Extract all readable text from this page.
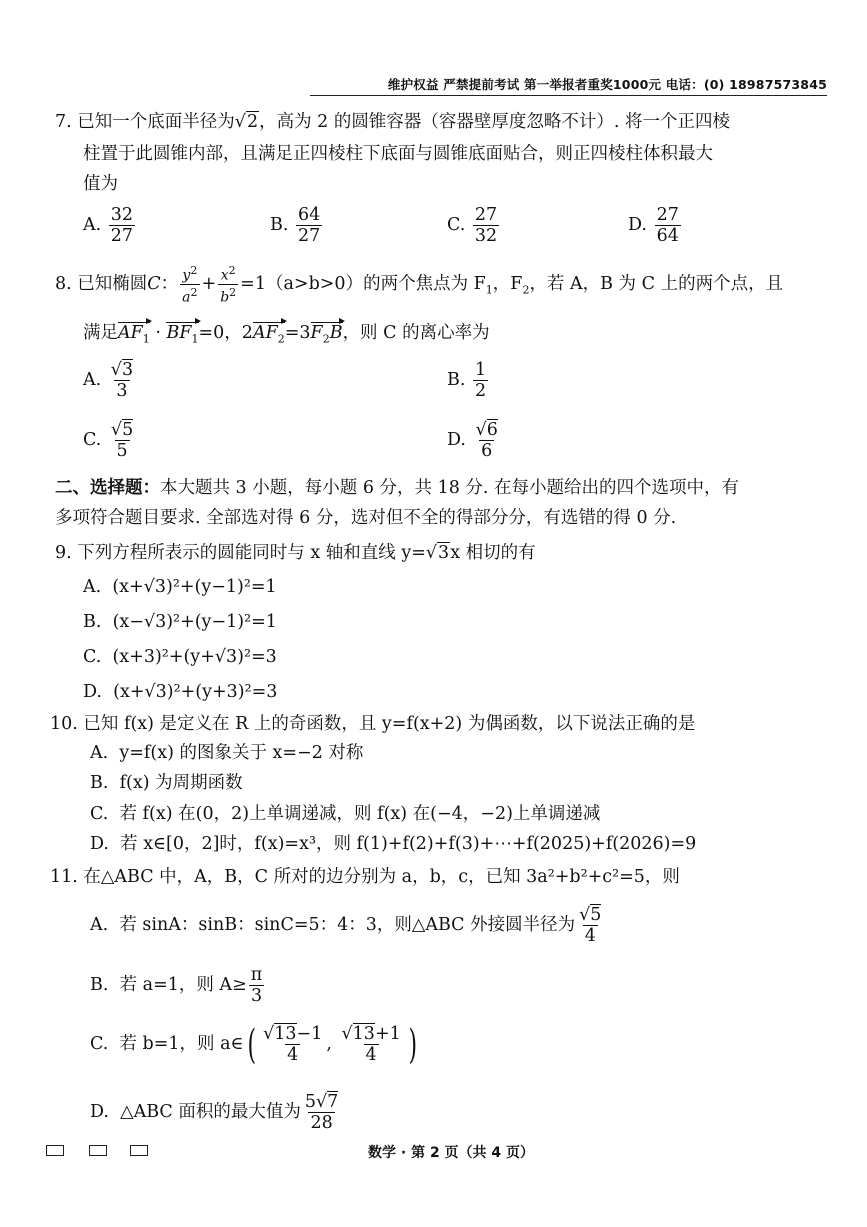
维护权益 严禁提前考试 第一举报者重奖1000元 电话：(0) 18987573845
7. 已知一个底面半径为√2，高为 2 的圆锥容器（容器壁厚度忽略不计）. 将一个正四棱
柱置于此圆锥内部，且满足正四棱柱下底面与圆锥底面贴合，则正四棱柱体积最大
值为
A. $\frac{32}{27}$	B. $\frac{64}{27}$	C. $\frac{27}{32}$	D. $\frac{27}{64}$
8. 已知椭圆C： $\frac{y^2}{a^2} + \frac{x^2}{b^2} =1(a>b>0)$的两个焦点为 $F_1$，$F_2$，若 A，B 为 C 上的两个点，且
满足$AF_1 \cdot BF_1=0$，$2AF_2=3F_2B$，则 C 的离心率为
A. $\frac{√3}{3}$	B. $\frac{1}{2}$
C. $\frac{√5}{5}$	D. $\frac{√6}{6}$
二、选择题：本大题共 3 小题，每小题 6 分，共 18 分. 在每小题给出的四个选项中，有
多项符合题目要求. 全部选对得 6 分，选对但不全的得部分分，有选错的得 0 分.
9. 下列方程所表示的圆能同时与 x 轴和直线 y=√3x 相切的有
A. (x+√3)²+(y−1)²=1
B. (x−√3)²+(y−1)²=1
C. (x+3)²+(y+√3)²=3
D. (x+√3)²+(y+3)²=3
10. 已知 f(x) 是定义在 R 上的奇函数，且 y=f(x+2) 为偶函数，以下说法正确的是
A. y=f(x) 的图象关于 x=−2 对称
B. f(x) 为周期函数
C. 若 f(x) 在(0，2)上单调递减，则 f(x) 在(−4，−2)上单调递减
D. 若 x∈[0，2]时，f(x)=x³，则 f(1)+f(2)+f(3)+⋯+f(2025)+f(2026)=9
11. 在△ABC 中，A，B，C 所对的边分别为 a，b，c，已知 3a²+b²+c²=5，则
A. 若 sinA：sinB：sinC=5：4：3，则△ABC 外接圆半径为 $\frac{√5}{4}$
B. 若 a=1，则 $A\ge \frac{\pi}{3}$
C. 若 b=1，则 a∈( $\frac{√13-1}{4}$ , $\frac{√13+1}{4}$ )
D. △ABC 面积的最大值为 $\frac{5√7}{28}$
数学 · 第 2 页（共 4 页）
